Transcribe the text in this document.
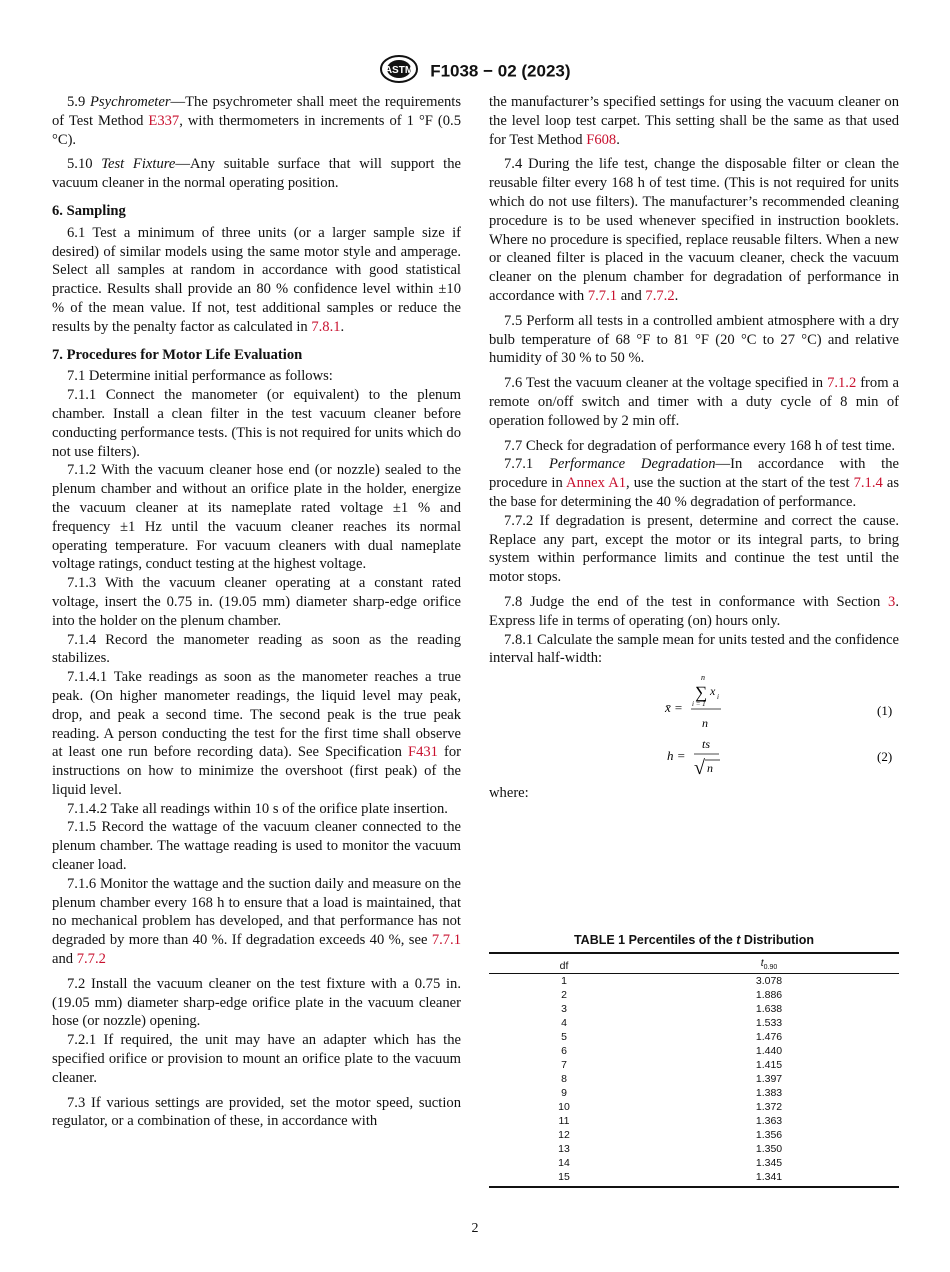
ASTM F1038 − 02 (2023)

5.9 Psychrometer—The psychrometer shall meet the requirements of Test Method E337, with thermometers in increments of 1 °F (0.5 °C).

5.10 Test Fixture—Any suitable surface that will support the vacuum cleaner in the normal operating position.

6. Sampling

6.1 Test a minimum of three units (or a larger sample size if desired) of similar models using the same motor style and amperage. Select all samples at random in accordance with good statistical practice. Results shall provide an 80 % confidence level within ±10 % of the mean value. If not, test additional samples or reduce the results by the penalty factor as calculated in 7.8.1.

7. Procedures for Motor Life Evaluation

7.1 Determine initial performance as follows:

7.1.1 Connect the manometer (or equivalent) to the plenum chamber. Install a clean filter in the test vacuum cleaner before conducting performance tests. (This is not required for units which do not use filters).

7.1.2 With the vacuum cleaner hose end (or nozzle) sealed to the plenum chamber and without an orifice plate in the holder, energize the vacuum cleaner at its nameplate rated voltage ±1 % and frequency ±1 Hz until the vacuum cleaner reaches its normal operating temperature. For vacuum cleaners with dual nameplate voltage ratings, conduct testing at the highest voltage.

7.1.3 With the vacuum cleaner operating at a constant rated voltage, insert the 0.75 in. (19.05 mm) diameter sharp-edge orifice into the holder on the plenum chamber.

7.1.4 Record the manometer reading as soon as the reading stabilizes.

7.1.4.1 Take readings as soon as the manometer reaches a true peak. (On higher manometer readings, the liquid level may peak, drop, and peak a second time. The second peak is the true peak reading. A person conducting the test for the first time shall observe at least one run before recording data). See Specification F431 for instructions on how to minimize the overshoot (first peak) of the liquid level.

7.1.4.2 Take all readings within 10 s of the orifice plate insertion.

7.1.5 Record the wattage of the vacuum cleaner connected to the plenum chamber. The wattage reading is used to monitor the vacuum cleaner load.

7.1.6 Monitor the wattage and the suction daily and measure on the plenum chamber every 168 h to ensure that a load is maintained, that no mechanical problem has developed, and that performance has not degraded by more than 40 %. If degradation exceeds 40 %, see 7.7.1 and 7.7.2

7.2 Install the vacuum cleaner on the test fixture with a 0.75 in. (19.05 mm) diameter sharp-edge orifice plate in the vacuum cleaner hose (or nozzle) opening.

7.2.1 If required, the unit may have an adapter which has the specified orifice or provision to mount an orifice plate to the vacuum cleaner.

7.3 If various settings are provided, set the motor speed, suction regulator, or a combination of these, in accordance with

the manufacturer’s specified settings for using the vacuum cleaner on the level loop test carpet. This setting shall be the same as that used for Test Method F608.

7.4 During the life test, change the disposable filter or clean the reusable filter every 168 h of test time. (This is not required for units which do not use filters). The manufacturer’s recommended cleaning procedure is to be used whenever specified in instruction booklets. Where no procedure is specified, replace reusable filters. When a new or cleaned filter is placed in the vacuum cleaner, check the vacuum cleaner on the plenum chamber for degradation of performance in accordance with 7.7.1 and 7.7.2.

7.5 Perform all tests in a controlled ambient atmosphere with a dry bulb temperature of 68 °F to 81 °F (20 °C to 27 °C) and relative humidity of 30 % to 50 %.

7.6 Test the vacuum cleaner at the voltage specified in 7.1.2 from a remote on/off switch and timer with a duty cycle of 8 min of operation followed by 2 min off.

7.7 Check for degradation of performance every 168 h of test time.

7.7.1 Performance Degradation—In accordance with the procedure in Annex A1, use the suction at the start of the test 7.1.4 as the base for determining the 40 % degradation of performance.

7.7.2 If degradation is present, determine and correct the cause. Replace any part, except the motor or its integral parts, to bring system within performance limits and continue the test until the motor stops.

7.8 Judge the end of the test in conformance with Section 3. Express life in terms of operating (on) hours only.

7.8.1 Calculate the sample mean for units tested and the confidence interval half-width:

x̄ =
n
∑
i = 1
x i
n
(1)
h =
ts
√ n
(2)

where:

TABLE 1 Percentiles of the t Distribution
df	$t_{0.90}$
1	3.078
2	1.886
3	1.638
4	1.533
5	1.476
6	1.440
7	1.415
8	1.397
9	1.383
10	1.372
11	1.363
12	1.356
13	1.350
14	1.345
15	1.341
2
